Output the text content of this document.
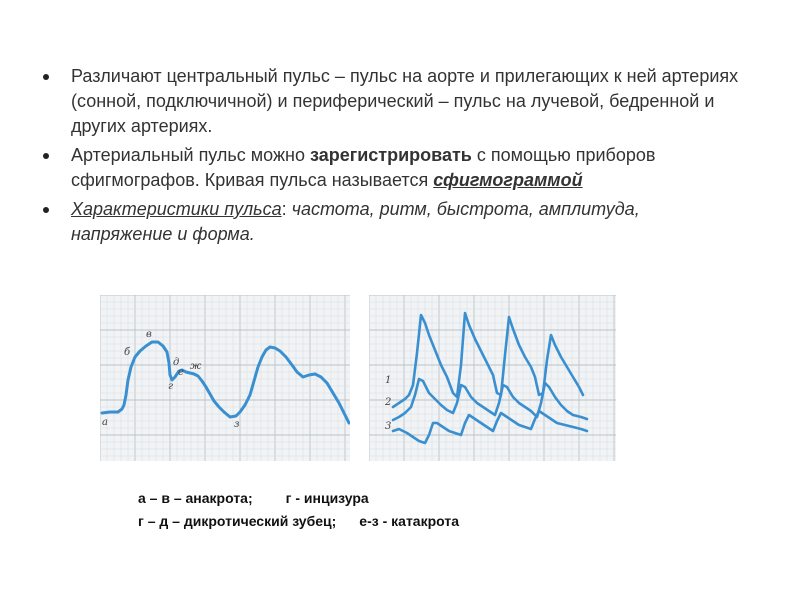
Различают центральный пульс – пульс на аорте и прилегающих к ней артериях (сонной, подключичной) и периферический – пульс на лучевой, бедренной и других артериях.
Артериальный пульс можно зарегистрировать с помощью приборов сфигмографов. Кривая пульса называется сфигмограммой
Характеристики пульса: частота, ритм, быстрота, амплитуда, напряжение и форма.
а
б
в
г
д
е
ж
з
1
2
3
а – в – анакрота; г - инцизура
г – д – дикротический зубец; е-з - катакрота
